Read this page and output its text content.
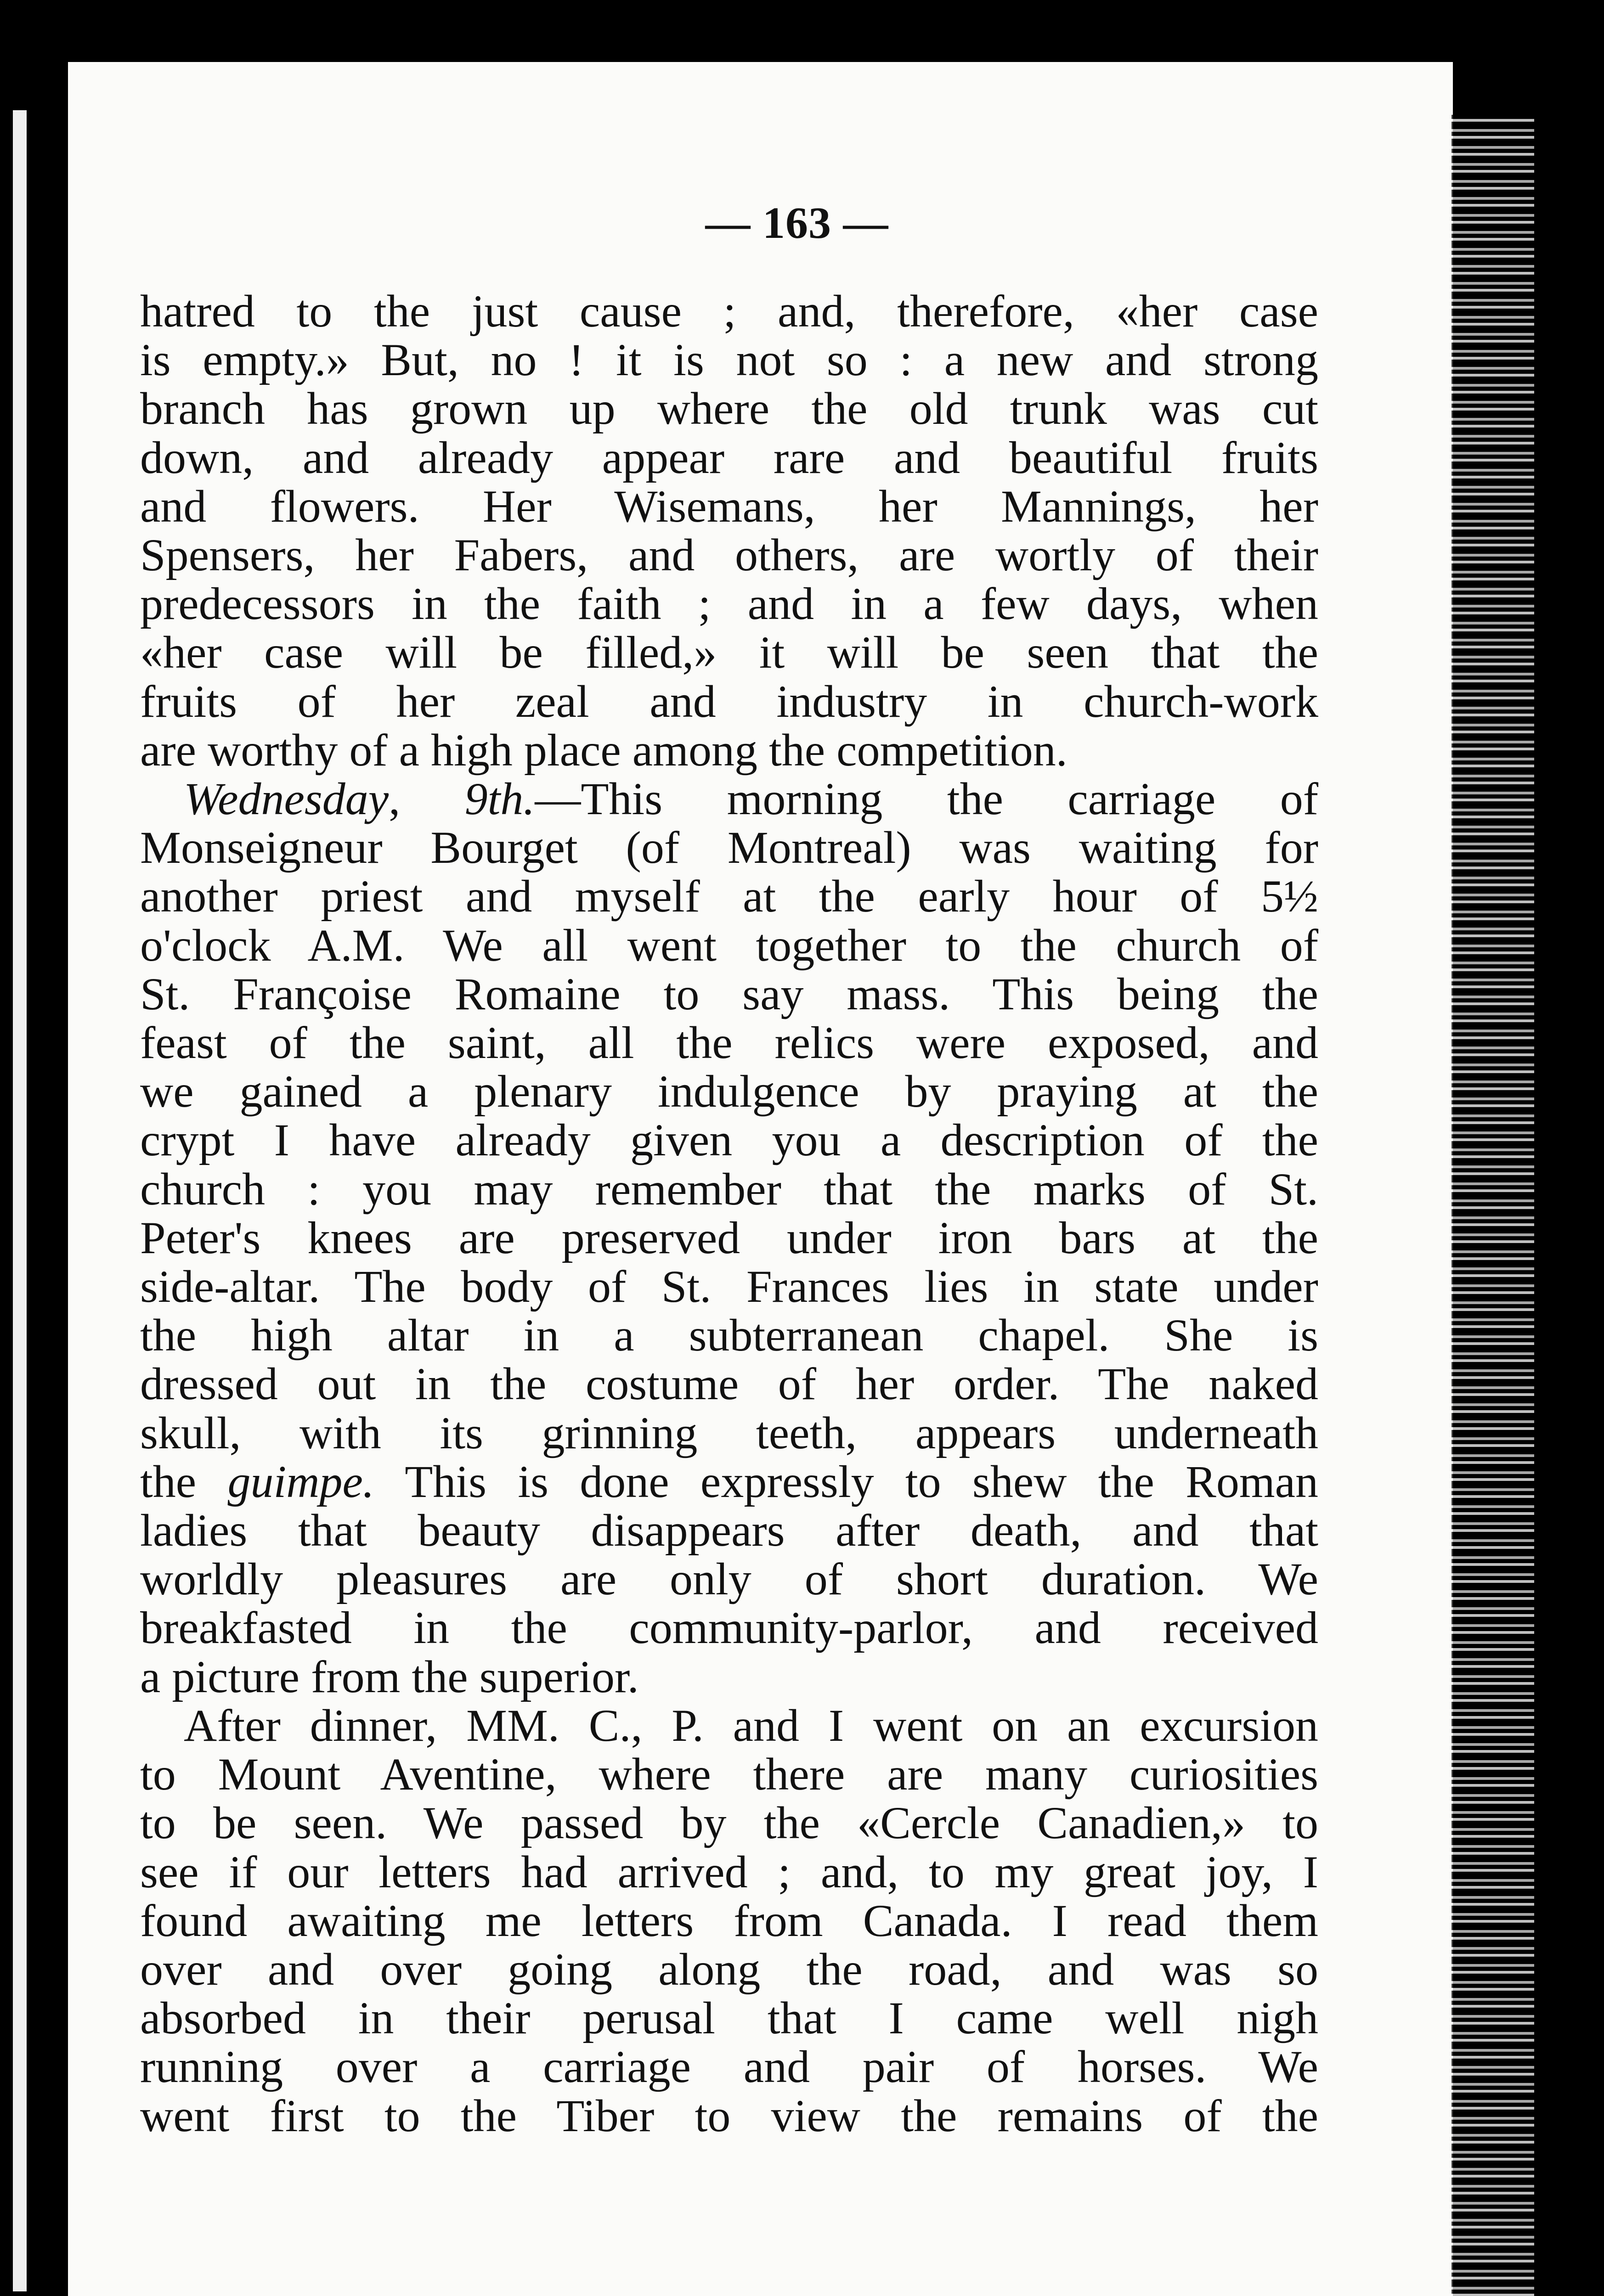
— 163 —
hatred to the just cause ; and, therefore, «her case
is empty.» But, no ! it is not so : a new and strong
branch has grown up where the old trunk was cut
down, and already appear rare and beautiful fruits
and flowers. Her Wisemans, her Mannings, her
Spensers, her Fabers, and others, are wortly of their
predecessors in the faith ; and in a few days, when
«her case will be filled,» it will be seen that the
fruits of her zeal and industry in church-work
are worthy of a high place among the competition.
Wednesday, 9th.—This morning the carriage of
Monseigneur Bourget (of Montreal) was waiting for
another priest and myself at the early hour of 5½
o'clock A.M. We all went together to the church of
St. Françoise Romaine to say mass. This being the
feast of the saint, all the relics were exposed, and
we gained a plenary indulgence by praying at the
crypt I have already given you a description of the
church : you may remember that the marks of St.
Peter's knees are preserved under iron bars at the
side-altar. The body of St. Frances lies in state under
the high altar in a subterranean chapel. She is
dressed out in the costume of her order. The naked
skull, with its grinning teeth, appears underneath
the guimpe. This is done expressly to shew the Roman
ladies that beauty disappears after death, and that
worldly pleasures are only of short duration. We
breakfasted in the community-parlor, and received
a picture from the superior.
After dinner, MM. C., P. and I went on an excursion
to Mount Aventine, where there are many curiosities
to be seen. We passed by the «Cercle Canadien,» to
see if our letters had arrived ; and, to my great joy, I
found awaiting me letters from Canada. I read them
over and over going along the road, and was so
absorbed in their perusal that I came well nigh
running over a carriage and pair of horses. We
went first to the Tiber to view the remains of the
